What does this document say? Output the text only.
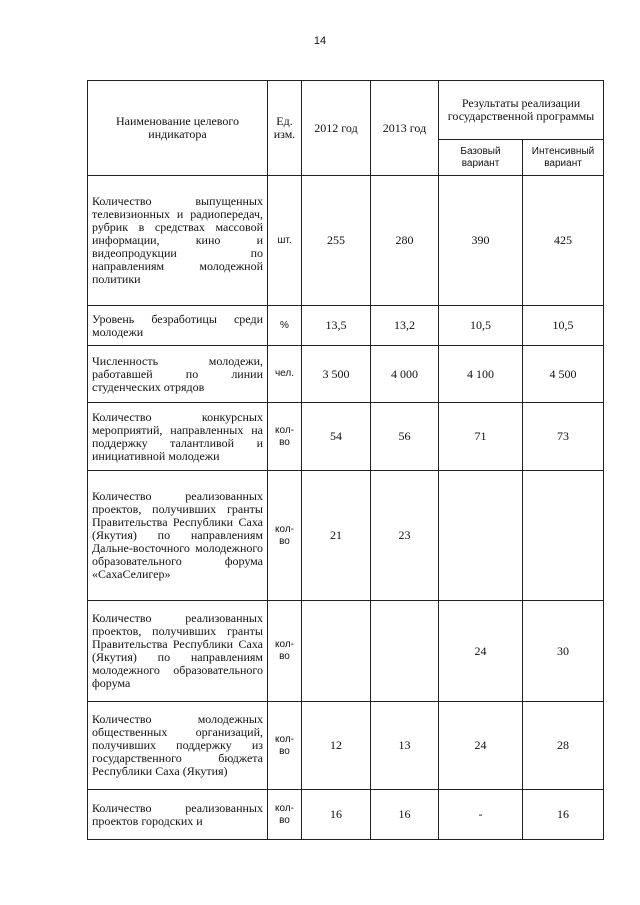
14
Наименование целевого индикатора	Ед. изм.	2012 год	2013 год	Результаты реализации государственной программы	
				Базовый вариант	Интенсивный вариант
Количество выпущенных телевизионных и радиопередач, рубрик в средствах массовой информации, кино и видеопродукции по направлениям молодежной политики	шт.	255	280	390	425
Уровень безработицы среди молодежи	%	13,5	13,2	10,5	10,5
Численность молодежи, работавшей по линии студенческих отрядов	чел.	3 500	4 000	4 100	4 500
Количество конкурсных мероприятий, направленных на поддержку талантливой и инициативной молодежи	кол-во	54	56	71	73
Количество реализованных проектов, получивших гранты Правительства Республики Саха (Якутия) по направлениям Дальне-восточного молодежного образовательного форума «СахаСелигер»	кол-во	21	23		
Количество реализованных проектов, получивших гранты Правительства Республики Саха (Якутия) по направлениям молодежного образовательного форума	кол-во			24	30
Количество молодежных общественных организаций, получивших поддержку из государственного бюджета Республики Саха (Якутия)	кол-во	12	13	24	28
Количество реализованных проектов городских и	кол-во	16	16	-	16
